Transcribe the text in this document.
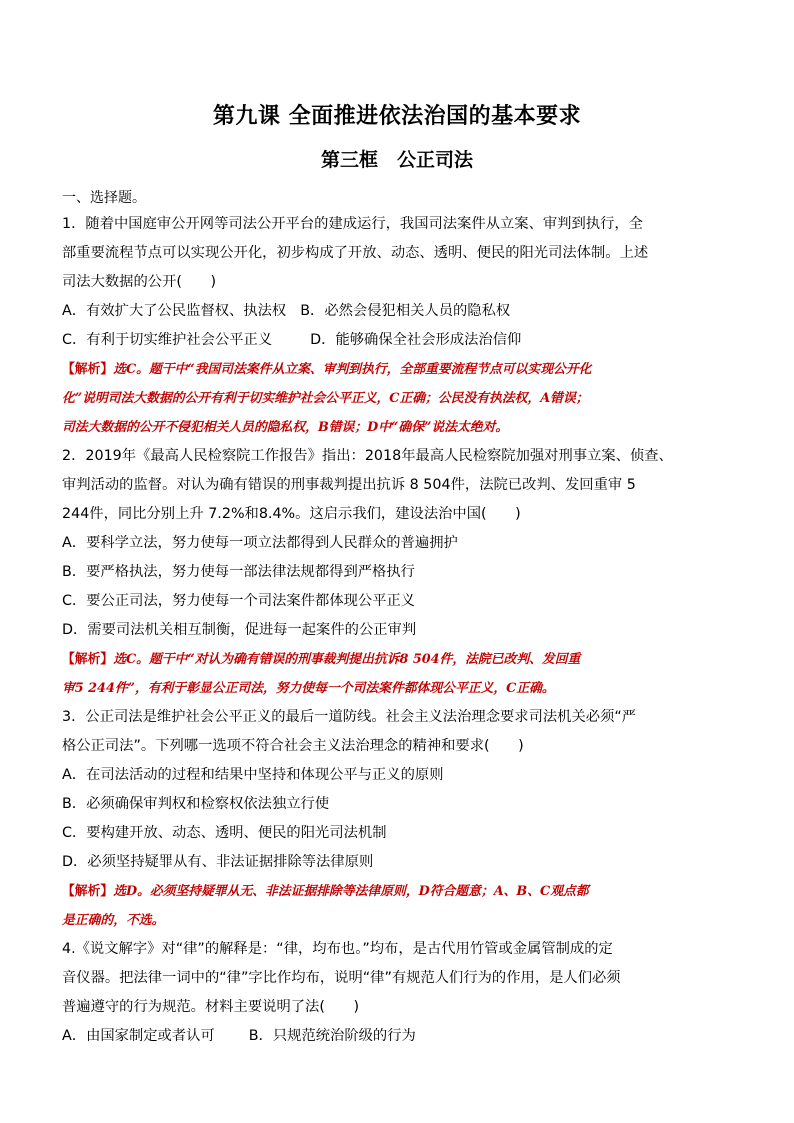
第九课 全面推进依法治国的基本要求
第三框　公正司法
一、选择题。
1．随着中国庭审公开网等司法公开平台的建成运行，我国司法案件从立案、审判到执行，全
部重要流程节点可以实现公开化，初步构成了开放、动态、透明、便民的阳光司法体制。上述
司法大数据的公开(　　)
A．有效扩大了公民监督权、执法权 B．必然会侵犯相关人员的隐私权
C．有利于切实维护社会公平正义	D．能够确保全社会形成法治信仰
【解析】选C。题干中“我国司法案件从立案、审判到执行，全部重要流程节点可以实现公开化
化”说明司法大数据的公开有利于切实维护社会公平正义，C正确；公民没有执法权，A错误；
司法大数据的公开不侵犯相关人员的隐私权，B错误；D中“确保”说法太绝对。
2．2019年《最高人民检察院工作报告》指出：2018年最高人民检察院加强对刑事立案、侦查、
审判活动的监督。对认为确有错误的刑事裁判提出抗诉 8 504件，法院已改判、发回重审 5
244件，同比分别上升 7.2%和8.4%。这启示我们，建设法治中国(　　)
A．要科学立法，努力使每一项立法都得到人民群众的普遍拥护
B．要严格执法，努力使每一部法律法规都得到严格执行
C．要公正司法，努力使每一个司法案件都体现公平正义
D．需要司法机关相互制衡，促进每一起案件的公正审判
【解析】选C。题干中“对认为确有错误的刑事裁判提出抗诉8 504件，法院已改判、发回重
审5 244件”，有利于彰显公正司法，努力使每一个司法案件都体现公平正义，C正确。
3．公正司法是维护社会公平正义的最后一道防线。社会主义法治理念要求司法机关必须“严
格公正司法”。下列哪一选项不符合社会主义法治理念的精神和要求(　　)
A．在司法活动的过程和结果中坚持和体现公平与正义的原则
B．必须确保审判权和检察权依法独立行使
C．要构建开放、动态、透明、便民的阳光司法机制
D．必须坚持疑罪从有、非法证据排除等法律原则
【解析】选D。必须坚持疑罪从无、非法证据排除等法律原则，D符合题意；A、B、C观点都
是正确的，不选。
4.《说文解字》对“律”的解释是：“律，均布也。”均布，是古代用竹管或金属管制成的定
音仪器。把法律一词中的“律”字比作均布，说明“律”有规范人们行为的作用，是人们必须
普遍遵守的行为规范。材料主要说明了法(　　)
A．由国家制定或者认可 B．只规范统治阶级的行为
